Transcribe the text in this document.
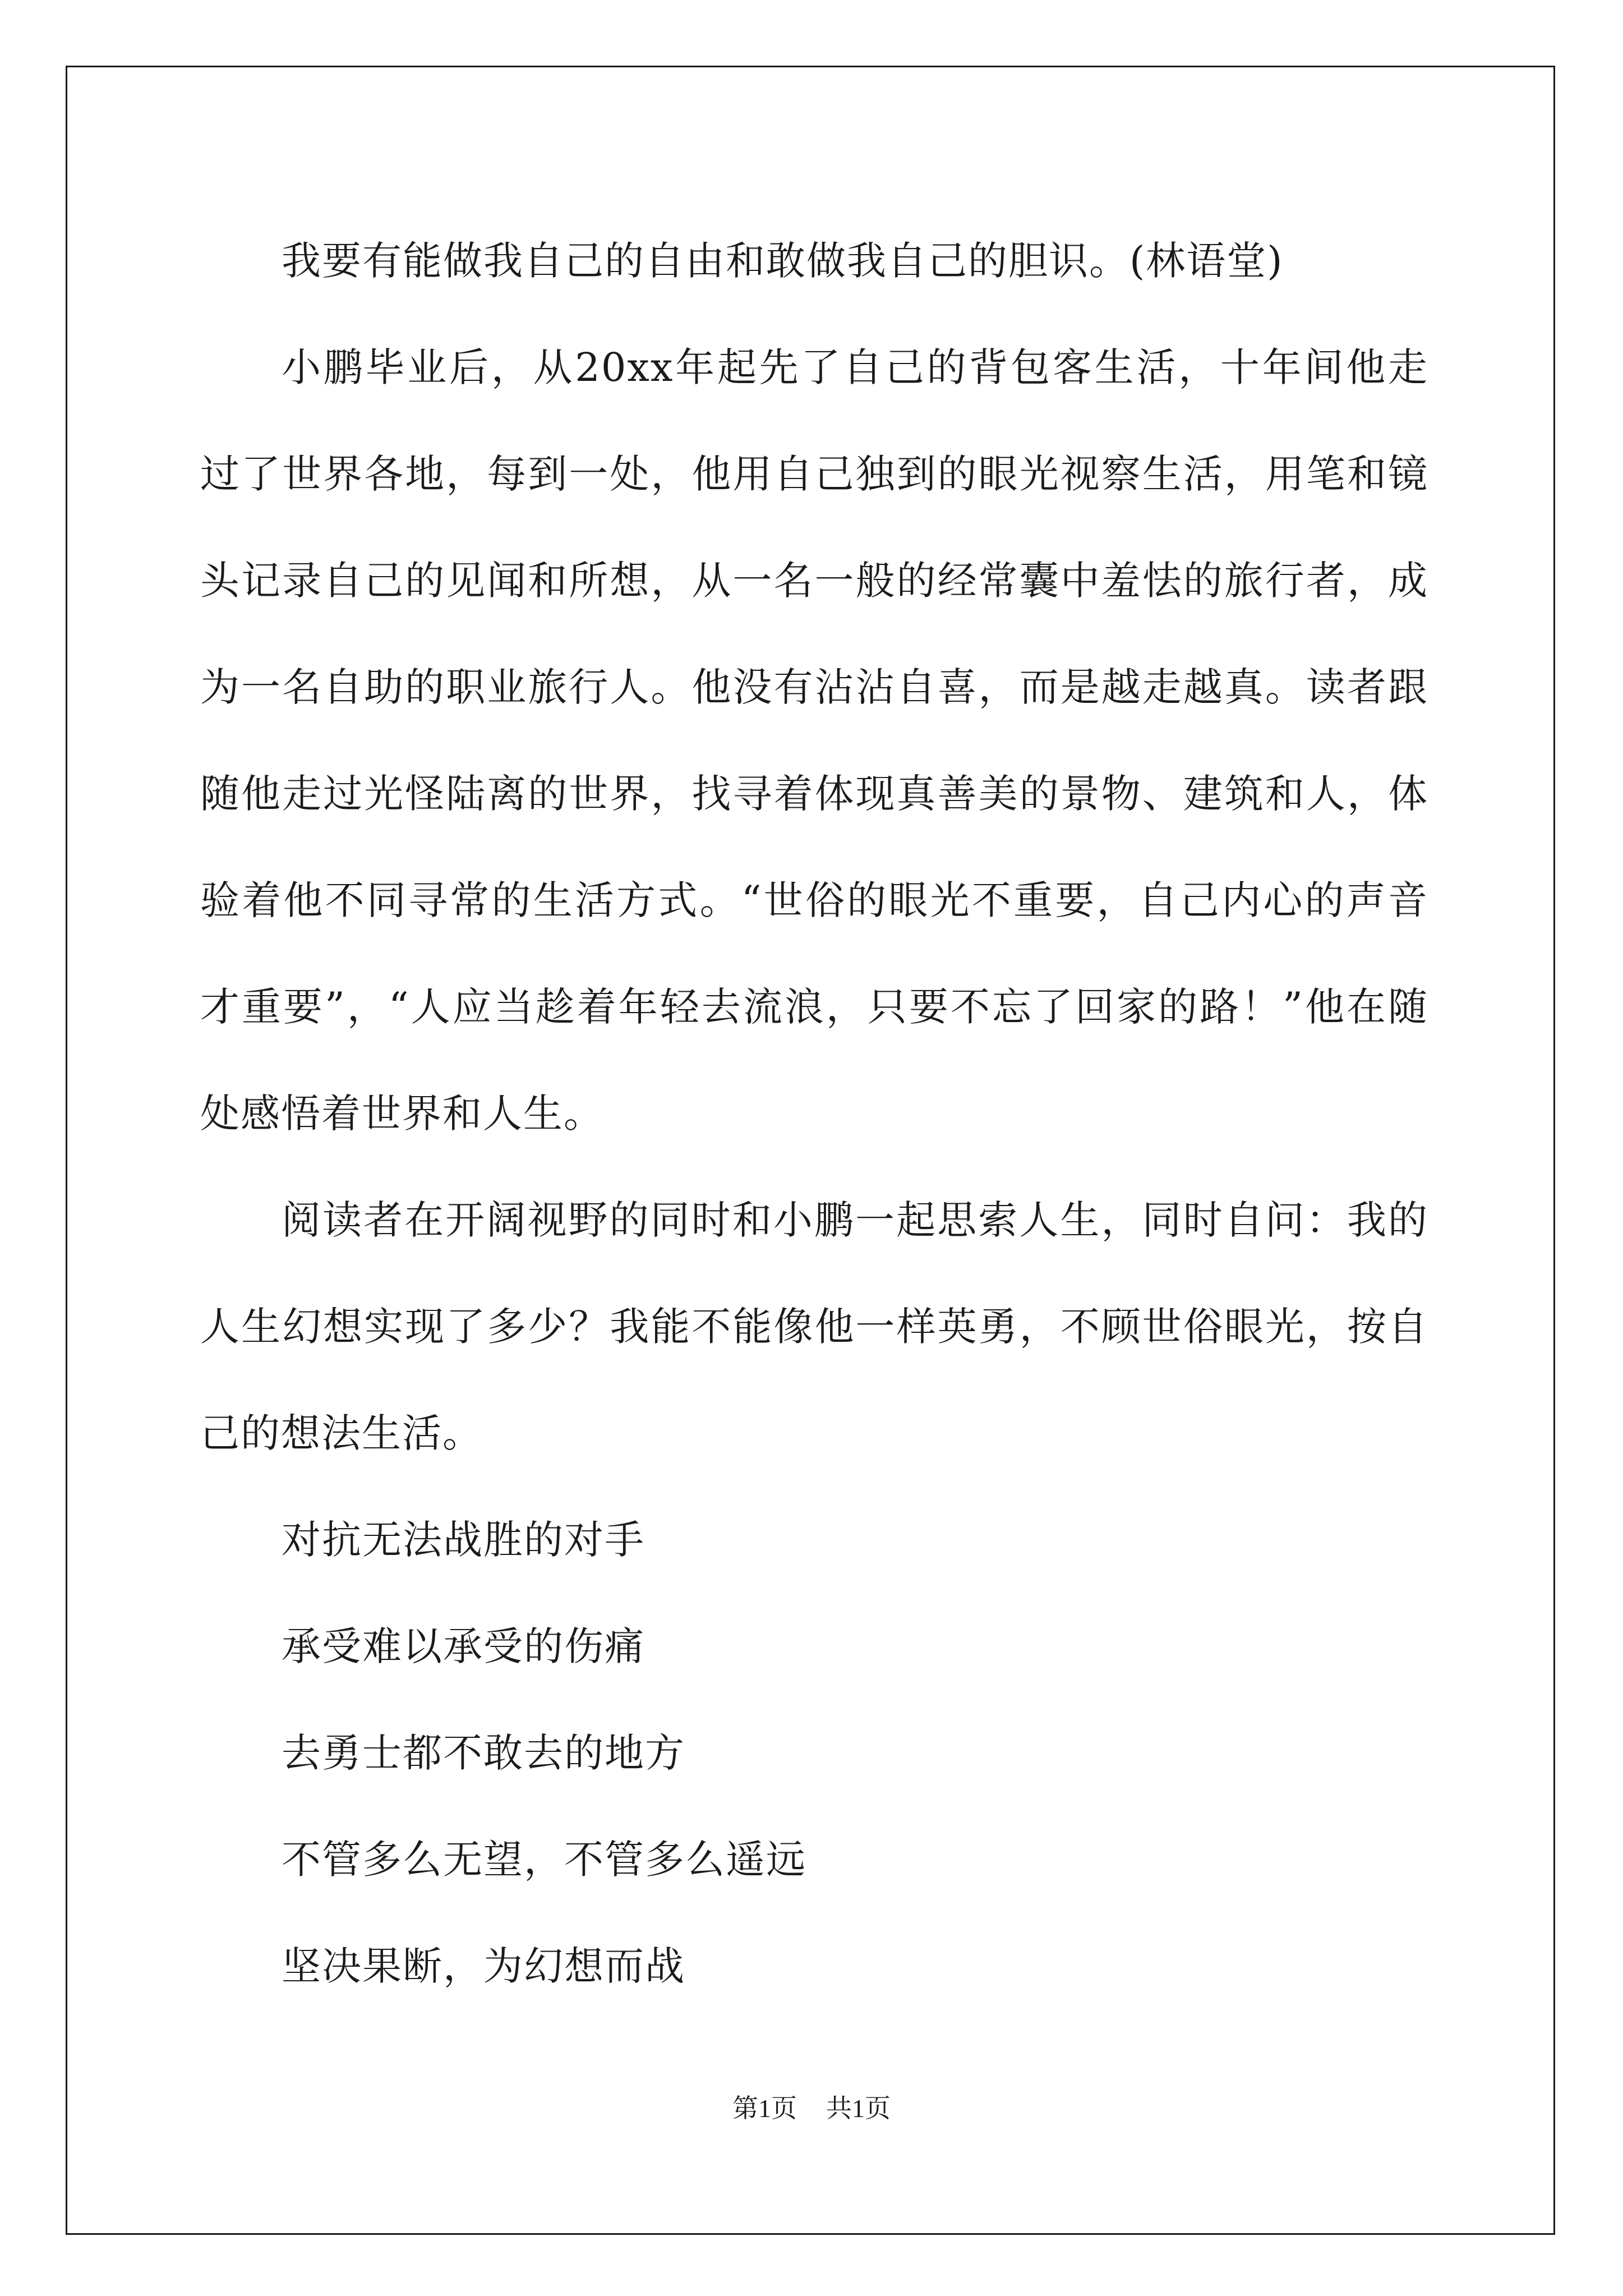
我要有能做我自己的自由和敢做我自己的胆识。(林语堂)

小鹏毕业后，从20xx年起先了自己的背包客生活，十年间他走过了世界各地，每到一处，他用自己独到的眼光视察生活，用笔和镜头记录自己的见闻和所想，从一名一般的经常囊中羞怯的旅行者，成为一名自助的职业旅行人。他没有沾沾自喜，而是越走越真。读者跟随他走过光怪陆离的世界，找寻着体现真善美的景物、建筑和人，体验着他不同寻常的生活方式。“世俗的眼光不重要，自己内心的声音才重要”，“人应当趁着年轻去流浪，只要不忘了回家的路！”他在随处感悟着世界和人生。

阅读者在开阔视野的同时和小鹏一起思索人生，同时自问：我的人生幻想实现了多少？我能不能像他一样英勇，不顾世俗眼光，按自己的想法生活。

对抗无法战胜的对手

承受难以承受的伤痛

去勇士都不敢去的地方

不管多么无望，不管多么遥远

坚决果断，为幻想而战

第1页 共1页
